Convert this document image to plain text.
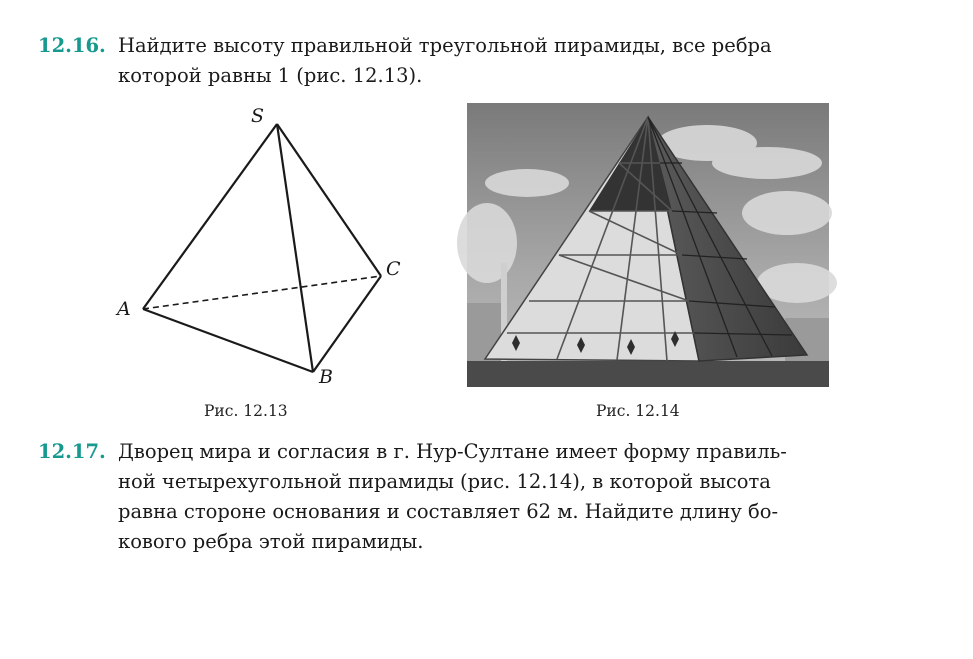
12.16. Найдите высоту правильной треугольной пирамиды, все ребра
которой равны 1 (рис. 12.13).
S
A
B
C
Рис. 12.13	Рис. 12.14
12.17. Дворец мира и согласия в г. Нур-Султане имеет форму правиль-
ной четырехугольной пирамиды (рис. 12.14), в которой высота
равна стороне основания и составляет 62 м. Найдите длину бо-
кового ребра этой пирамиды.
